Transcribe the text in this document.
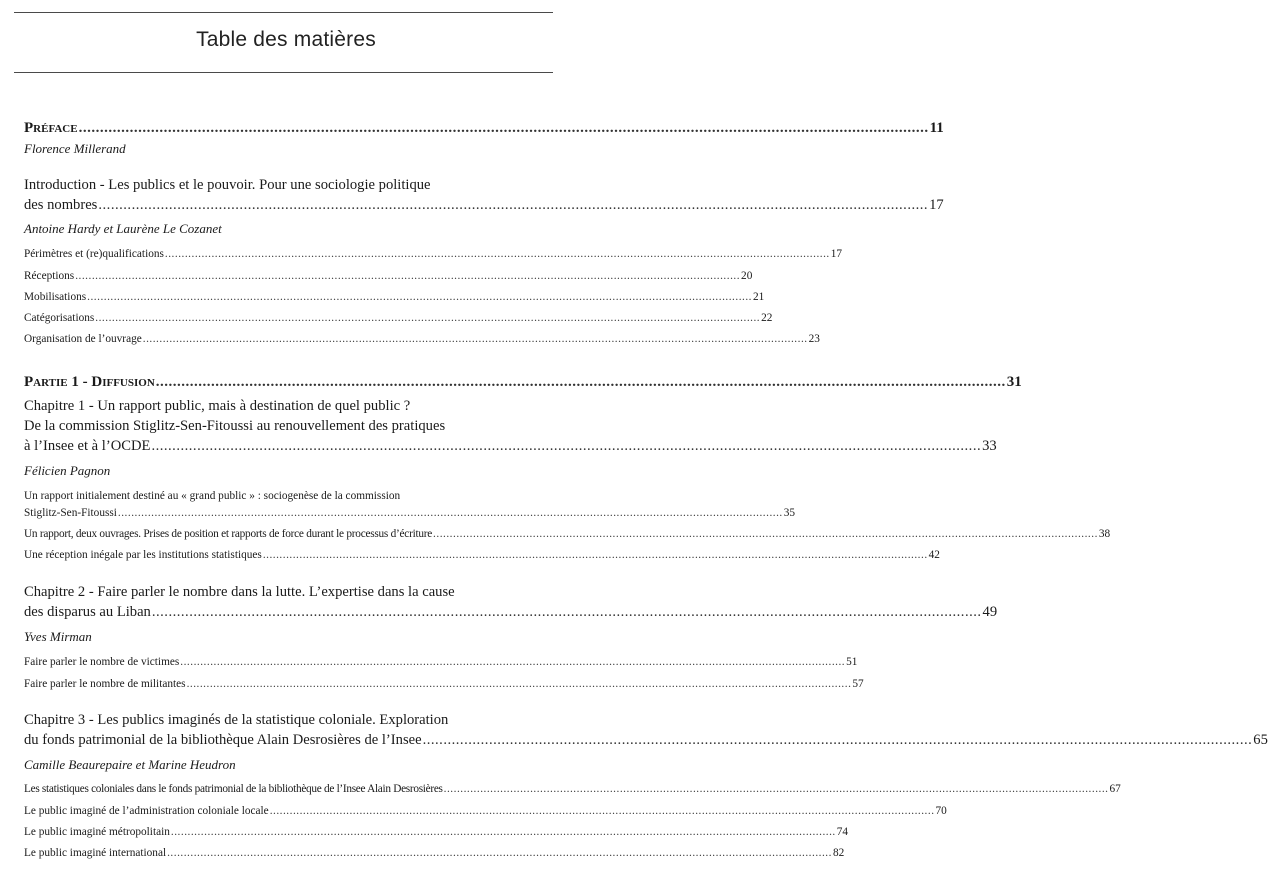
Table des matières
Préface ........................................................................................................................................................................................................ 11
Florence Millerand
Introduction - Les publics et le pouvoir. Pour une sociologie politique
des nombres ........................................................................................................................................................................................................ 17
Antoine Hardy et Laurène Le Cozanet
Périmètres et (re)qualifications ........................................................................................................................................................................................................ 17
Réceptions ........................................................................................................................................................................................................ 20
Mobilisations ........................................................................................................................................................................................................ 21
Catégorisations ........................................................................................................................................................................................................ 22
Organisation de l’ouvrage ........................................................................................................................................................................................................ 23
Partie 1 - Diffusion ........................................................................................................................................................................................................ 31
Chapitre 1 - Un rapport public, mais à destination de quel public ?
De la commission Stiglitz-Sen-Fitoussi au renouvellement des pratiques
à l’Insee et à l’OCDE ........................................................................................................................................................................................................ 33
Félicien Pagnon
Un rapport initialement destiné au « grand public » : sociogenèse de la commission
Stiglitz-Sen-Fitoussi ........................................................................................................................................................................................................ 35
Un rapport, deux ouvrages. Prises de position et rapports de force durant le processus d’écriture ........................................................................................................................................................................................................ 38
Une réception inégale par les institutions statistiques ........................................................................................................................................................................................................ 42
Chapitre 2 - Faire parler le nombre dans la lutte. L’expertise dans la cause
des disparus au Liban ........................................................................................................................................................................................................ 49
Yves Mirman
Faire parler le nombre de victimes ........................................................................................................................................................................................................ 51
Faire parler le nombre de militantes ........................................................................................................................................................................................................ 57
Chapitre 3 - Les publics imaginés de la statistique coloniale. Exploration
du fonds patrimonial de la bibliothèque Alain Desrosières de l’Insee ........................................................................................................................................................................................................ 65
Camille Beaurepaire et Marine Heudron
Les statistiques coloniales dans le fonds patrimonial de la bibliothèque de l’Insee Alain Desrosières ........................................................................................................................................................................................................ 67
Le public imaginé de l’administration coloniale locale ........................................................................................................................................................................................................ 70
Le public imaginé métropolitain ........................................................................................................................................................................................................ 74
Le public imaginé international ........................................................................................................................................................................................................ 82
